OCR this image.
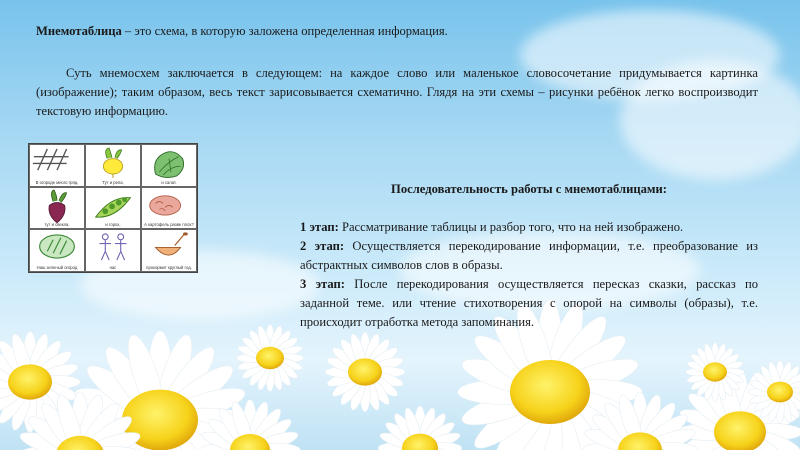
Мнемотаблица – это схема, в которую заложена определенная информация.
Суть мнемосхем заключается в следующем: на каждое слово или маленькое словосочетание придумывается картинка (изображение); таким образом, весь текст зарисовывается схематично. Глядя на эти схемы – рисунки ребёнок легко воспроизводит текстовую информацию.
В огороде много гряд.	Тут и репа,	и салат.
тут и свекла,	и горох,	А картофель разве плох?
Наш зеленый огород	нас	прокормит круглый год.
Последовательность работы с мнемотаблицами:
1 этап: Рассматривание таблицы и разбор того, что на ней изображено.
2 этап: Осуществляется перекодирование информации, т.е. преобразование из абстрактных символов слов в образы.
3 этап: После перекодирования осуществляется пересказ сказки, рассказ по заданной теме. или чтение стихотворения с опорой на символы (образы), т.е. происходит отработка метода запоминания.
